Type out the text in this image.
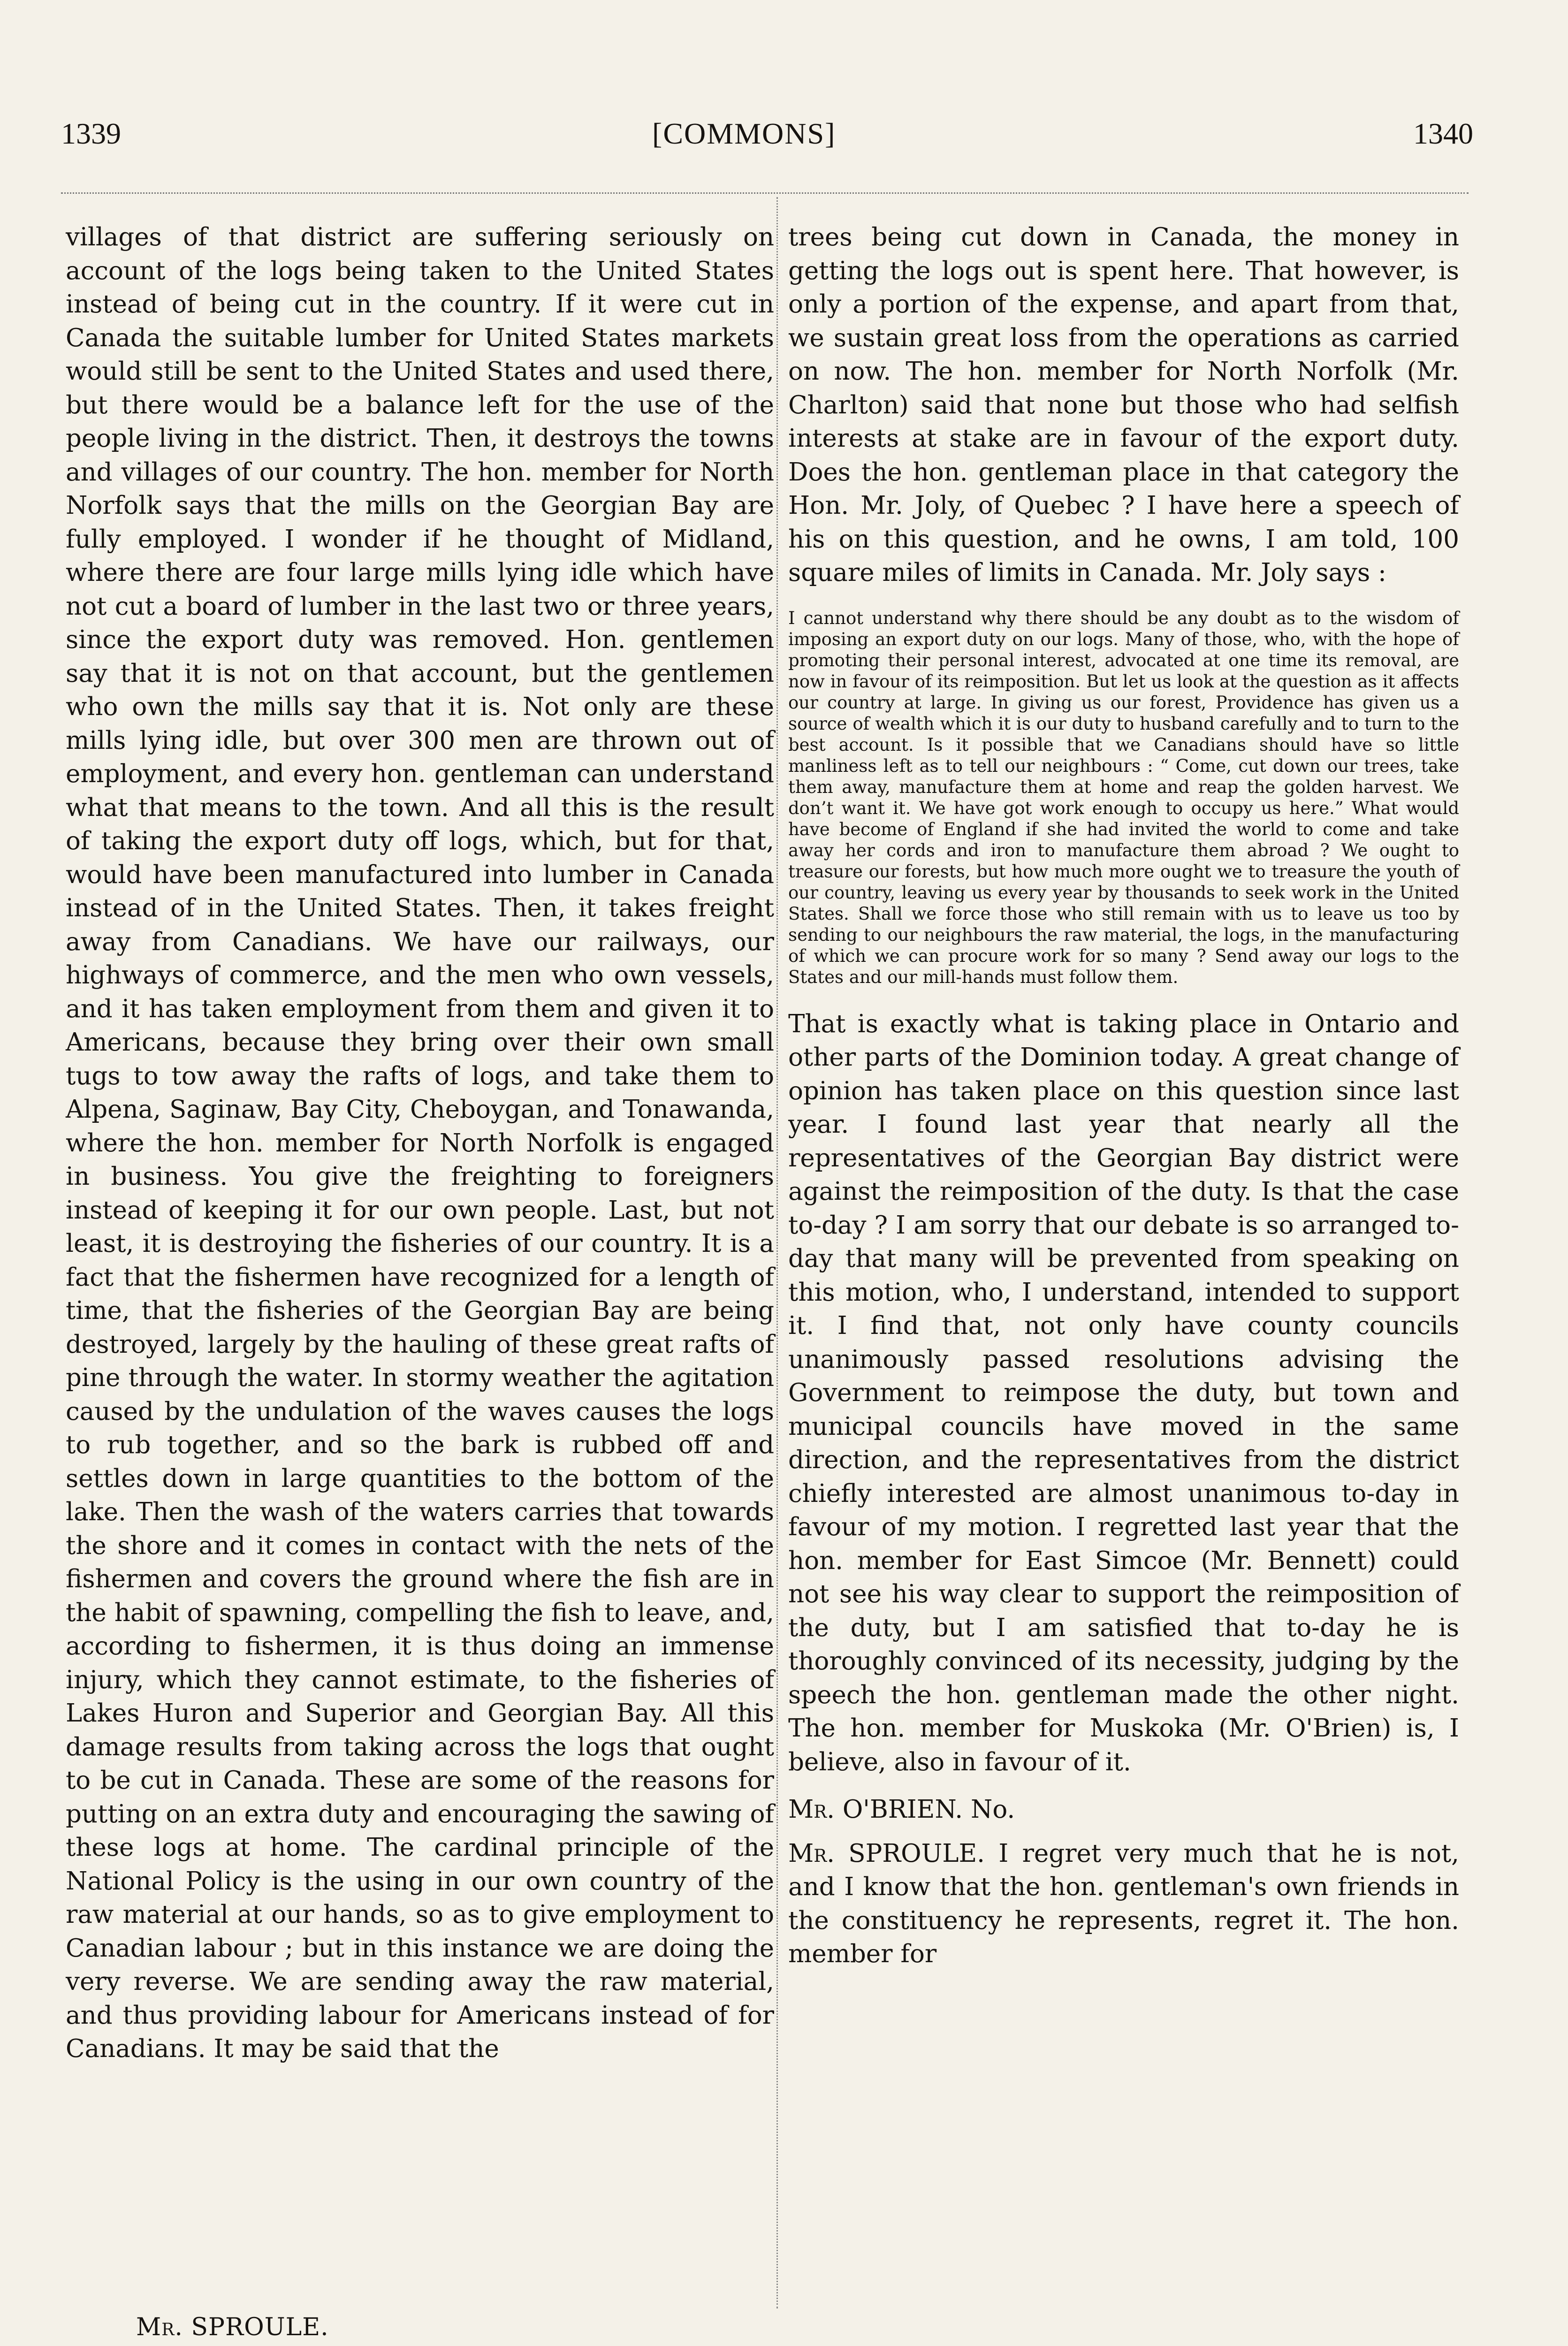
1339	[COMMONS]	1340

villages of that district are suffering seriously on account of the logs being taken to the United States instead of being cut in the country. If it were cut in Canada the suitable lumber for United States markets would still be sent to the United States and used there, but there would be a balance left for the use of the people living in the district. Then, it destroys the towns and villages of our country. The hon. member for North Norfolk says that the mills on the Georgian Bay are fully employed. I wonder if he thought of Midland, where there are four large mills lying idle which have not cut a board of lumber in the last two or three years, since the export duty was removed. Hon. gentlemen say that it is not on that account, but the gentlemen who own the mills say that it is. Not only are these mills lying idle, but over 300 men are thrown out of employment, and every hon. gentleman can understand what that means to the town. And all this is the result of taking the export duty off logs, which, but for that, would have been manufactured into lumber in Canada instead of in the United States. Then, it takes freight away from Canadians. We have our railways, our highways of commerce, and the men who own vessels, and it has taken employment from them and given it to Americans, because they bring over their own small tugs to tow away the rafts of logs, and take them to Alpena, Saginaw, Bay City, Cheboygan, and Tonawanda, where the hon. member for North Norfolk is engaged in business. You give the freighting to foreigners instead of keeping it for our own people. Last, but not least, it is destroying the fisheries of our country. It is a fact that the fishermen have recognized for a length of time, that the fisheries of the Georgian Bay are being destroyed, largely by the hauling of these great rafts of pine through the water. In stormy weather the agitation caused by the undulation of the waves causes the logs to rub together, and so the bark is rubbed off and settles down in large quantities to the bottom of the lake. Then the wash of the waters carries that towards the shore and it comes in contact with the nets of the fishermen and covers the ground where the fish are in the habit of spawning, compelling the fish to leave, and, according to fishermen, it is thus doing an immense injury, which they cannot estimate, to the fisheries of Lakes Huron and Superior and Georgian Bay. All this damage results from taking across the logs that ought to be cut in Canada. These are some of the reasons for putting on an extra duty and encouraging the sawing of these logs at home. The cardinal principle of the National Policy is the using in our own country of the raw material at our hands, so as to give employment to Canadian labour ; but in this instance we are doing the very reverse. We are sending away the raw material, and thus providing labour for Americans instead of for Canadians. It may be said that the

trees being cut down in Canada, the money in getting the logs out is spent here. That however, is only a portion of the expense, and apart from that, we sustain great loss from the operations as carried on now. The hon. member for North Norfolk (Mr. Charlton) said that none but those who had selfish interests at stake are in favour of the export duty. Does the hon. gentleman place in that category the Hon. Mr. Joly, of Quebec ? I have here a speech of his on this question, and he owns, I am told, 100 square miles of limits in Canada. Mr. Joly says :

I cannot understand why there should be any doubt as to the wisdom of imposing an export duty on our logs. Many of those, who, with the hope of promoting their personal interest, advocated at one time its removal, are now in favour of its reimposition. But let us look at the question as it affects our country at large. In giving us our forest, Providence has given us a source of wealth which it is our duty to husband carefully and to turn to the best account. Is it possible that we Canadians should have so little manliness left as to tell our neighbours : “ Come, cut down our trees, take them away, manufacture them at home and reap the golden harvest. We don’t want it. We have got work enough to occupy us here.” What would have become of England if she had invited the world to come and take away her cords and iron to manufacture them abroad ? We ought to treasure our forests, but how much more ought we to treasure the youth of our country, leaving us every year by thousands to seek work in the United States. Shall we force those who still remain with us to leave us too by sending to our neighbours the raw material, the logs, in the manufacturing of which we can procure work for so many ? Send away our logs to the States and our mill-hands must follow them.

That is exactly what is taking place in Ontario and other parts of the Dominion today. A great change of opinion has taken place on this question since last year. I found last year that nearly all the representatives of the Georgian Bay district were against the reimposition of the duty. Is that the case to-day ? I am sorry that our debate is so arranged to-day that many will be prevented from speaking on this motion, who, I understand, intended to support it. I find that, not only have county councils unanimously passed resolutions advising the Government to reimpose the duty, but town and municipal councils have moved in the same direction, and the representatives from the district chiefly interested are almost unanimous to-day in favour of my motion. I regretted last year that the hon. member for East Simcoe (Mr. Bennett) could not see his way clear to support the reimposition of the duty, but I am satisfied that to-day he is thoroughly convinced of its necessity, judging by the speech the hon. gentleman made the other night. The hon. member for Muskoka (Mr. O'Brien) is, I believe, also in favour of it.

Mr. O'BRIEN. No.

Mr. SPROULE. I regret very much that he is not, and I know that the hon. gentleman's own friends in the constituency he represents, regret it. The hon. member for

Mr. SPROULE.
